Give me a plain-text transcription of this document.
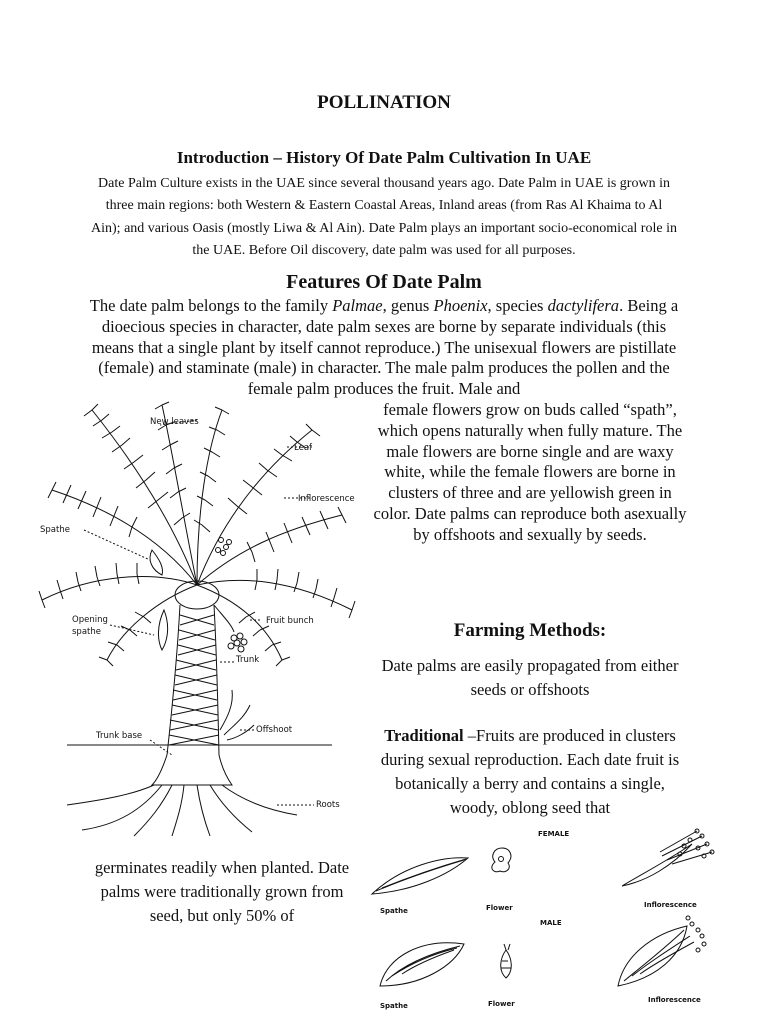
POLLINATION
Introduction – History Of Date Palm Cultivation In UAE
Date Palm Culture exists in the UAE since several thousand years ago. Date Palm in UAE is grown in three main regions: both Western & Eastern Coastal Areas, Inland areas (from Ras Al Khaima to Al Ain); and various Oasis (mostly Liwa & Al Ain). Date Palm plays an important socio-economical role in the UAE. Before Oil discovery, date palm was used for all purposes.
Features Of Date Palm
The date palm belongs to the family Palmae, genus Phoenix, species dactylifera. Being a dioecious species in character, date palm sexes are borne by separate individuals (this means that a single plant by itself cannot reproduce.) The unisexual flowers are pistillate (female) and staminate (male) in character. The male palm produces the pollen and the female palm produces the fruit. Male and
female flowers grow on buds called “spath”, which opens naturally when fully mature. The male flowers are borne single and are waxy white, while the female flowers are borne in clusters of three and are yellowish green in color. Date palms can reproduce both asexually by offshoots and sexually by seeds.
Farming Methods:
Date palms are easily propagated from either seeds or offshoots
Traditional –Fruits are produced in clusters during sexual reproduction. Each date fruit is botanically a berry and contains a single, woody, oblong seed that
germinates readily when planted. Date palms were traditionally grown from seed, but only 50% of
New leaves
Leaf
Inflorescence
Spathe
Opening
spathe
Fruit bunch
Trunk
Trunk base
Offshoot
Roots
FEMALE
Spathe	Flower	Inflorescence
MALE
Spathe	Flower	Inflorescence
